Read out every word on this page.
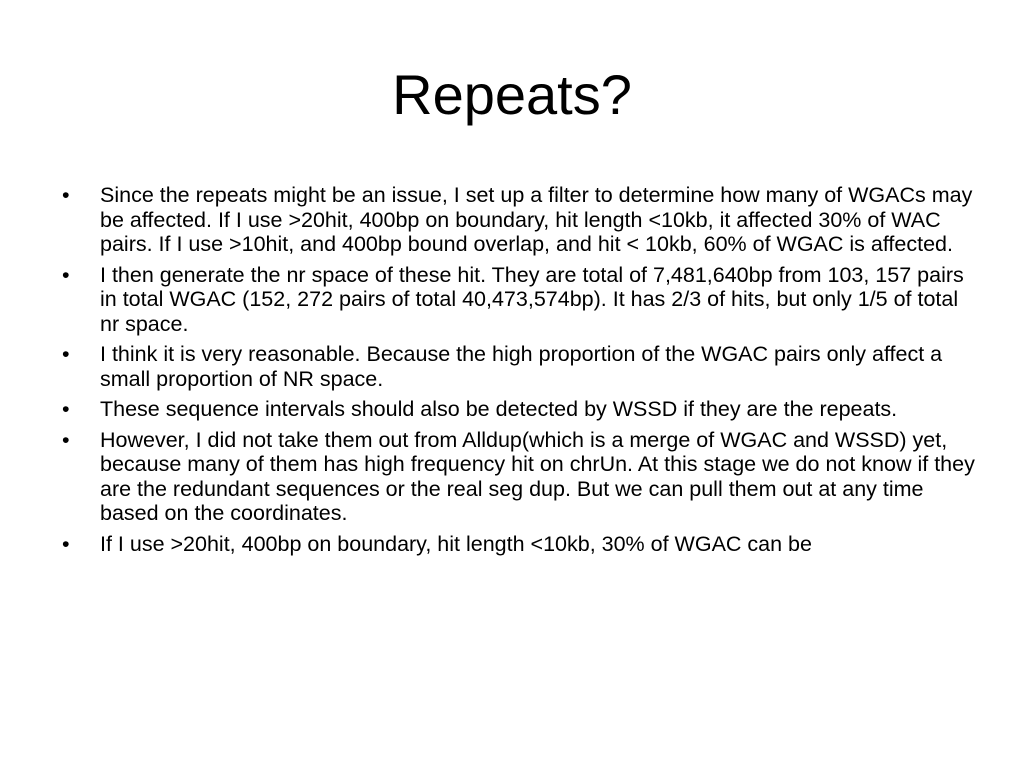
Repeats?
•	Since the repeats might be an issue, I set up a filter to determine how many of WGACs may be affected. If I use >20hit, 400bp on boundary, hit length <10kb, it affected 30% of WAC pairs. If I use >10hit, and 400bp bound overlap, and hit < 10kb, 60% of WGAC is affected.
•	I then generate the nr space of these hit. They are total of 7,481,640bp from 103, 157 pairs in total WGAC (152, 272 pairs of total 40,473,574bp). It has 2/3 of hits, but only 1/5 of total nr space.
•	I think it is very reasonable. Because the high proportion of the WGAC pairs only affect a small proportion of NR space.
•	These sequence intervals should also be detected by WSSD if they are the repeats.
•	However, I did not take them out from Alldup(which is a merge of WGAC and WSSD) yet, because many of them has high frequency hit on chrUn. At this stage we do not know if they are the redundant sequences or the real seg dup. But we can pull them out at any time based on the coordinates.
•	If I use >20hit, 400bp on boundary, hit length <10kb, 30% of WGAC can be
